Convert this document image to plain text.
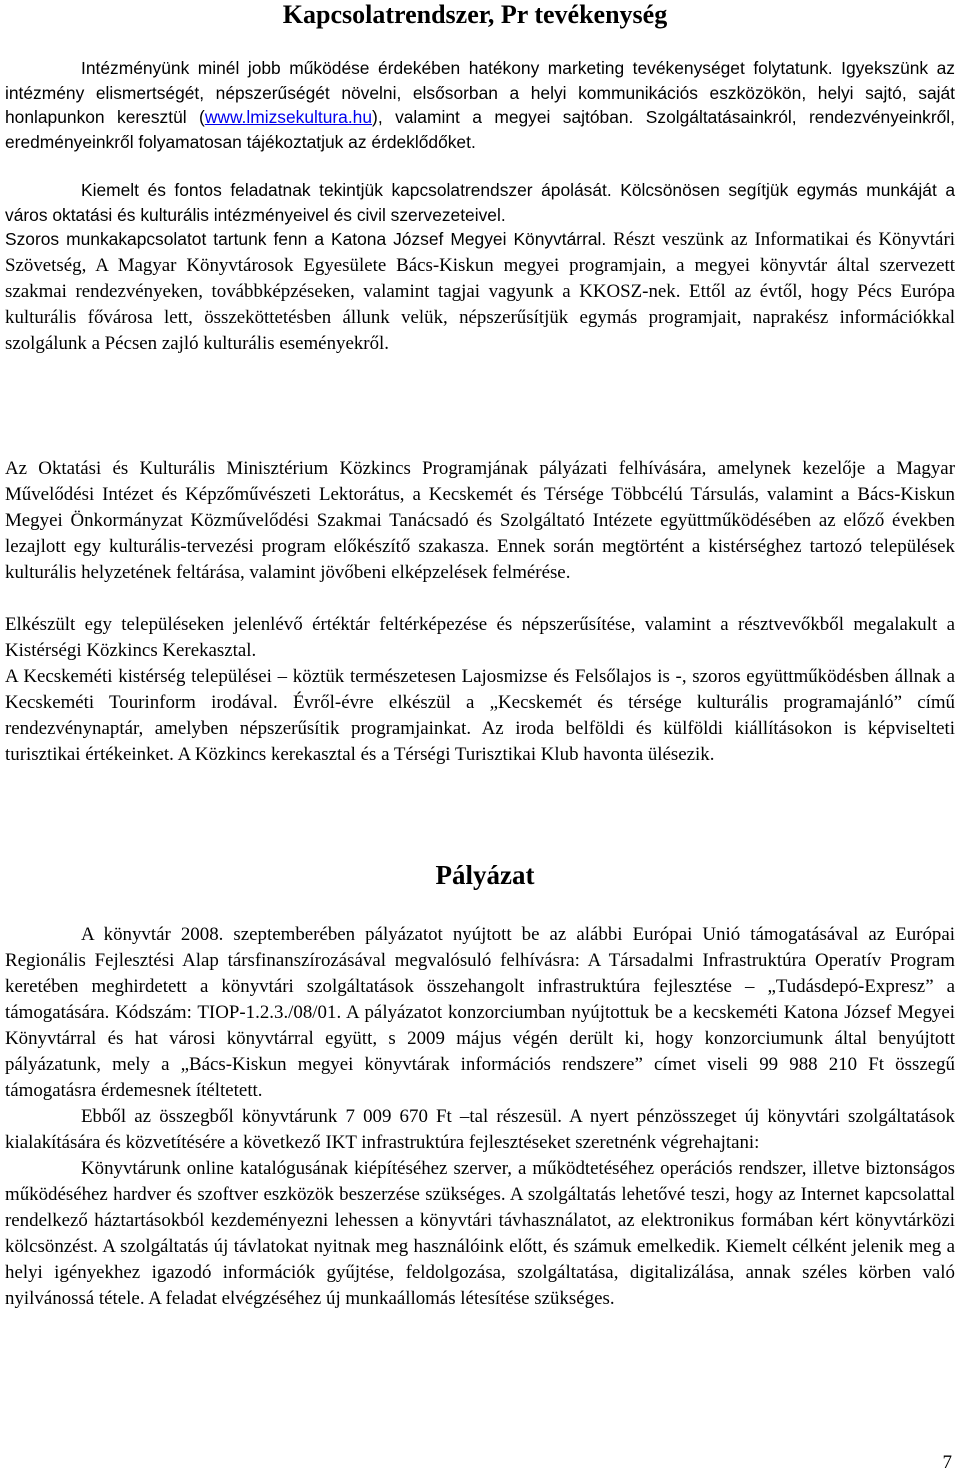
Kapcsolatrendszer, Pr tevékenység

Intézményünk minél jobb működése érdekében hatékony marketing tevékenységet folytatunk. Igyekszünk az intézmény elismertségét, népszerűségét növelni, elsősorban a helyi kommunikációs eszközökön, helyi sajtó, saját honlapunkon keresztül (www.lmizsekultura.hu), valamint a megyei sajtóban. Szolgáltatásainkról, rendezvényeinkről, eredményeinkről folyamatosan tájékoztatjuk az érdeklődőket.

Kiemelt és fontos feladatnak tekintjük kapcsolatrendszer ápolását. Kölcsönösen segítjük egymás munkáját a város oktatási és kulturális intézményeivel és civil szervezeteivel.

Szoros munkakapcsolatot tartunk fenn a Katona József Megyei Könyvtárral. Részt veszünk az Informatikai és Könyvtári Szövetség, A Magyar Könyvtárosok Egyesülete Bács-Kiskun megyei programjain, a megyei könyvtár által szervezett szakmai rendezvényeken, továbbképzéseken, valamint tagjai vagyunk a KKOSZ-nek. Ettől az évtől, hogy Pécs Európa kulturális fővárosa lett, összeköttetésben állunk velük, népszerűsítjük egymás programjait, naprakész információkkal szolgálunk a Pécsen zajló kulturális eseményekről.

Az Oktatási és Kulturális Minisztérium Közkincs Programjának pályázati felhívására, amelynek kezelője a Magyar Művelődési Intézet és Képzőművészeti Lektorátus, a Kecskemét és Térsége Többcélú Társulás, valamint a Bács-Kiskun Megyei Önkormányzat Közművelődési Szakmai Tanácsadó és Szolgáltató Intézete együttműködésében az előző években lezajlott egy kulturális-tervezési program előkészítő szakasza. Ennek során megtörtént a kistérséghez tartozó települések kulturális helyzetének feltárása, valamint jövőbeni elképzelések felmérése.

Elkészült egy településeken jelenlévő értéktár feltérképezése és népszerűsítése, valamint a résztvevőkből megalakult a Kistérségi Közkincs Kerekasztal.

A Kecskeméti kistérség települései – köztük természetesen Lajosmizse és Felsőlajos is -, szoros együttműködésben állnak a Kecskeméti Tourinform irodával. Évről-évre elkészül a „Kecskemét és térsége kulturális programajánló” című rendezvénynaptár, amelyben népszerűsítik programjainkat. Az iroda belföldi és külföldi kiállításokon is képviselteti turisztikai értékeinket. A Közkincs kerekasztal és a Térségi Turisztikai Klub havonta ülésezik.

Pályázat

A könyvtár 2008. szeptemberében pályázatot nyújtott be az alábbi Európai Unió támogatásával az Európai Regionális Fejlesztési Alap társfinanszírozásával megvalósuló felhívásra: A Társadalmi Infrastruktúra Operatív Program keretében meghirdetett a könyvtári szolgáltatások összehangolt infrastruktúra fejlesztése – „Tudásdepó-Expresz” a támogatására. Kódszám: TIOP-1.2.3./08/01. A pályázatot konzorciumban nyújtottuk be a kecskeméti Katona József Megyei Könyvtárral és hat városi könyvtárral együtt, s 2009 május végén derült ki, hogy konzorciumunk által benyújtott pályázatunk, mely a „Bács-Kiskun megyei könyvtárak információs rendszere” címet viseli 99 988 210 Ft összegű támogatásra érdemesnek ítéltetett.

Ebből az összegből könyvtárunk 7 009 670 Ft –tal részesül. A nyert pénzösszeget új könyvtári szolgáltatások kialakítására és közvetítésére a következő IKT infrastruktúra fejlesztéseket szeretnénk végrehajtani:

Könyvtárunk online katalógusának kiépítéséhez szerver, a működtetéséhez operációs rendszer, illetve biztonságos működéséhez hardver és szoftver eszközök beszerzése szükséges. A szolgáltatás lehetővé teszi, hogy az Internet kapcsolattal rendelkező háztartásokból kezdeményezni lehessen a könyvtári távhasználatot, az elektronikus formában kért könyvtárközi kölcsönzést. A szolgáltatás új távlatokat nyitnak meg használóink előtt, és számuk emelkedik. Kiemelt célként jelenik meg a helyi igényekhez igazodó információk gyűjtése, feldolgozása, szolgáltatása, digitalizálása, annak széles körben való nyilvánossá tétele. A feladat elvégzéséhez új munkaállomás létesítése szükséges.

7
